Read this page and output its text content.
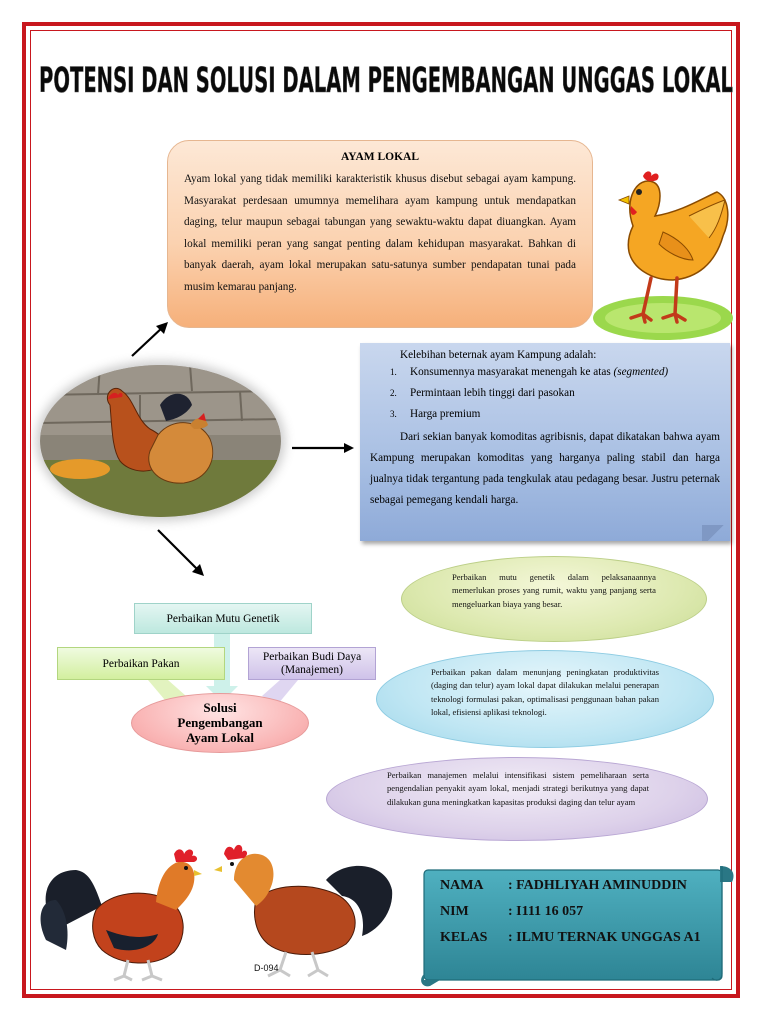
POTENSI DAN SOLUSI DALAM PENGEMBANGAN UNGGAS LOKAL

AYAM LOKAL

Ayam lokal yang tidak memiliki karakteristik khusus disebut sebagai ayam kampung. Masyarakat perdesaan umumnya memelihara ayam kampung untuk mendapatkan daging, telur maupun sebagai tabungan yang sewaktu-waktu dapat diuangkan. Ayam lokal memiliki peran yang sangat penting dalam kehidupan masyarakat. Bahkan di banyak daerah, ayam lokal merupakan satu-satunya sumber pendapatan tunai pada musim kemarau panjang.

Kelebihan beternak ayam Kampung adalah:

1. Konsumennya masyarakat menengah ke atas (segmented)
2. Permintaan lebih tinggi dari pasokan
3. Harga premium

Dari sekian banyak komoditas agribisnis, dapat dikatakan bahwa ayam Kampung merupakan komoditas yang harganya paling stabil dan harga jualnya tidak tergantung pada tengkulak atau pedagang besar. Justru peternak sebagai pemegang kendali harga.

Perbaikan mutu genetik dalam pelaksanaannya memerlukan proses yang rumit, waktu yang panjang serta mengeluarkan biaya yang besar.
Perbaikan pakan dalam menunjang peningkatan produktivitas (daging dan telur) ayam lokal dapat dilakukan melalui penerapan teknologi formulasi pakan, optimalisasi penggunaan bahan pakan lokal, efisiensi aplikasi teknologi.
Perbaikan manajemen melalui intensifikasi sistem pemeliharaan serta pengendalian penyakit ayam lokal, menjadi strategi berikutnya yang dapat dilakukan guna meningkatkan kapasitas produksi daging dan telur ayam
Perbaikan Mutu Genetik
Perbaikan Pakan
Perbaikan Budi Daya (Manajemen)
Solusi Pengembangan Ayam Lokal
D-094
NAMA : FADHLIYAH AMINUDDIN
NIM	: I111 16 057
KELAS : ILMU TERNAK UNGGAS A1
